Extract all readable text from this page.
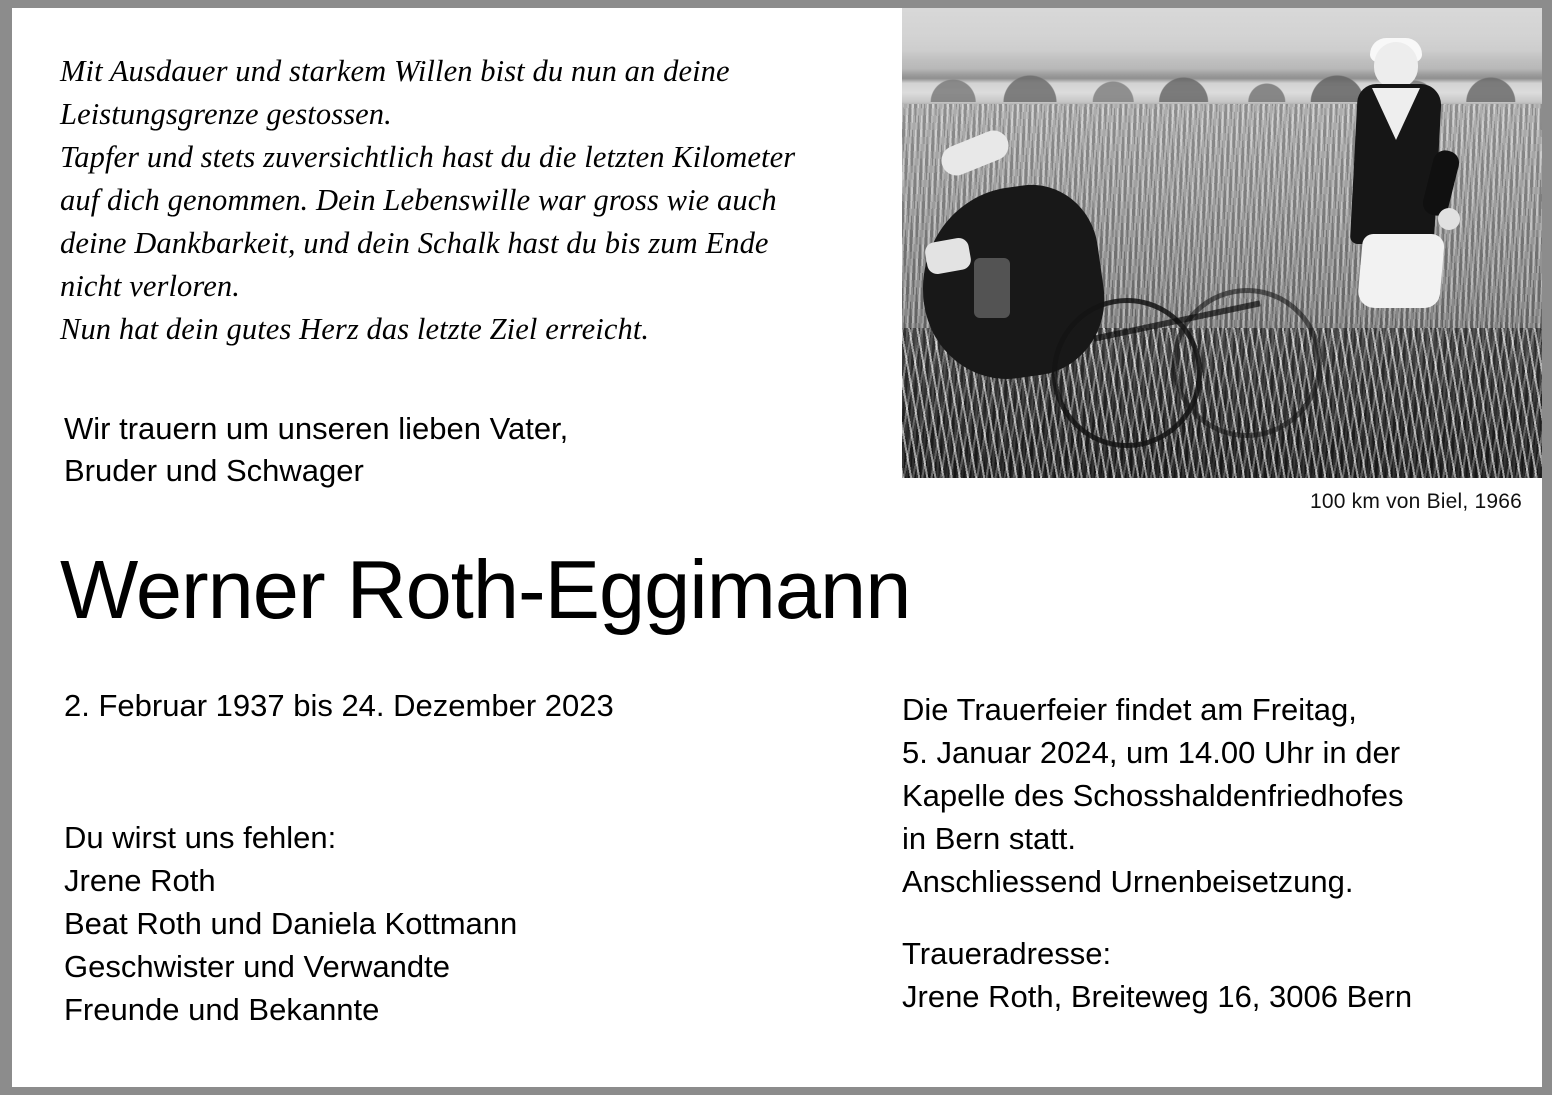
Mit Ausdauer und starkem Willen bist du nun an deine
Leistungsgrenze gestossen.
Tapfer und stets zuversichtlich hast du die letzten Kilometer
auf dich genommen. Dein Lebenswille war gross wie auch
deine Dankbarkeit, und dein Schalk hast du bis zum Ende
nicht verloren.
Nun hat dein gutes Herz das letzte Ziel erreicht.
100 km von Biel, 1966
Wir trauern um unseren lieben Vater,
Bruder und Schwager
Werner Roth-Eggimann
2. Februar 1937 bis 24. Dezember 2023
Du wirst uns fehlen:
Jrene Roth
Beat Roth und Daniela Kottmann
Geschwister und Verwandte
Freunde und Bekannte
Die Trauerfeier findet am Freitag,
5. Januar 2024, um 14.00 Uhr in der
Kapelle des Schosshaldenfriedhofes
in Bern statt.
Anschliessend Urnenbeisetzung.
Traueradresse:
Jrene Roth, Breiteweg 16, 3006 Bern
